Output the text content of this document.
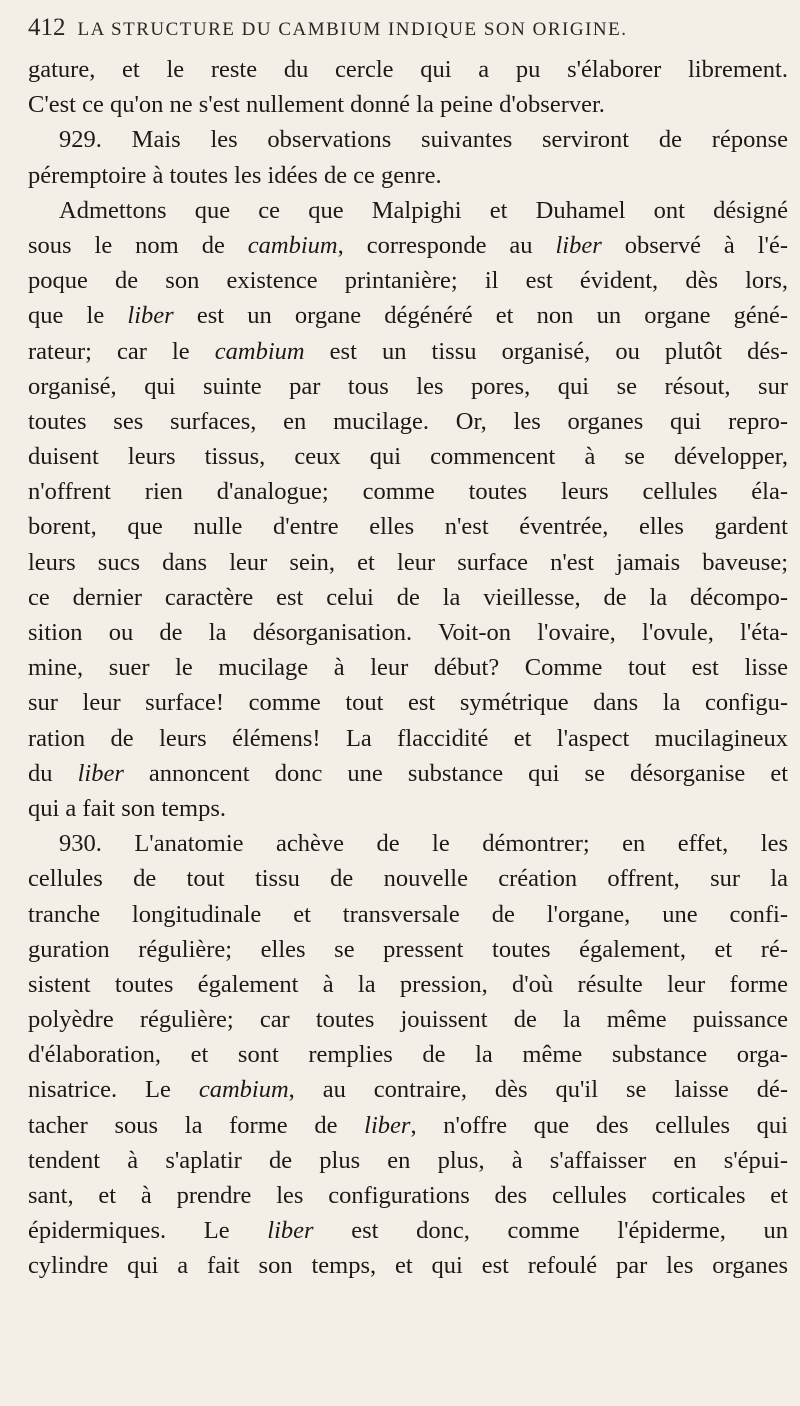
412 LA STRUCTURE DU CAMBIUM INDIQUE SON ORIGINE.
gature, et le reste du cercle qui a pu s'élaborer librement.
C'est ce qu'on ne s'est nullement donné la peine d'observer.
929. Mais les observations suivantes serviront de réponse
péremptoire à toutes les idées de ce genre.
Admettons que ce que Malpighi et Duhamel ont désigné
sous le nom de cambium, corresponde au liber observé à l'é-
poque de son existence printanière; il est évident, dès lors,
que le liber est un organe dégénéré et non un organe géné-
rateur; car le cambium est un tissu organisé, ou plutôt dés-
organisé, qui suinte par tous les pores, qui se résout, sur
toutes ses surfaces, en mucilage. Or, les organes qui repro-
duisent leurs tissus, ceux qui commencent à se développer,
n'offrent rien d'analogue; comme toutes leurs cellules éla-
borent, que nulle d'entre elles n'est éventrée, elles gardent
leurs sucs dans leur sein, et leur surface n'est jamais baveuse;
ce dernier caractère est celui de la vieillesse, de la décompo-
sition ou de la désorganisation. Voit-on l'ovaire, l'ovule, l'éta-
mine, suer le mucilage à leur début? Comme tout est lisse
sur leur surface! comme tout est symétrique dans la configu-
ration de leurs élémens! La flaccidité et l'aspect mucilagineux
du liber annoncent donc une substance qui se désorganise et
qui a fait son temps.
930. L'anatomie achève de le démontrer; en effet, les
cellules de tout tissu de nouvelle création offrent, sur la
tranche longitudinale et transversale de l'organe, une confi-
guration régulière; elles se pressent toutes également, et ré-
sistent toutes également à la pression, d'où résulte leur forme
polyèdre régulière; car toutes jouissent de la même puissance
d'élaboration, et sont remplies de la même substance orga-
nisatrice. Le cambium, au contraire, dès qu'il se laisse dé-
tacher sous la forme de liber, n'offre que des cellules qui
tendent à s'aplatir de plus en plus, à s'affaisser en s'épui-
sant, et à prendre les configurations des cellules corticales et
épidermiques. Le liber est donc, comme l'épiderme, un
cylindre qui a fait son temps, et qui est refoulé par les organes
